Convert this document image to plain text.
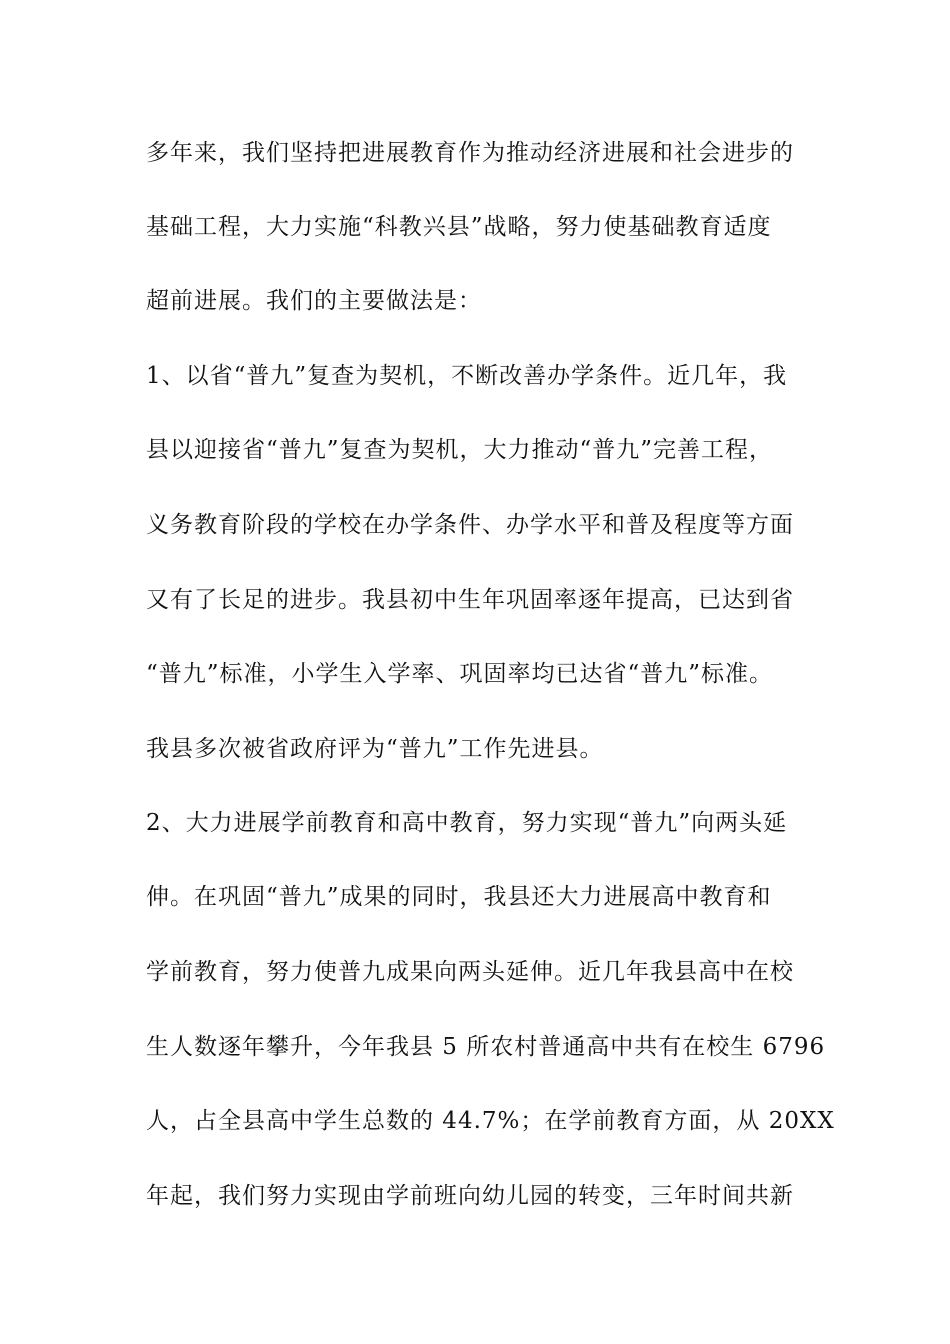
多年来，我们坚持把进展教育作为推动经济进展和社会进步的
基础工程，大力实施“科教兴县”战略，努力使基础教育适度
超前进展。我们的主要做法是：
1、以省“普九”复查为契机，不断改善办学条件。近几年，我
县以迎接省“普九”复查为契机，大力推动“普九”完善工程，
义务教育阶段的学校在办学条件、办学水平和普及程度等方面
又有了长足的进步。我县初中生年巩固率逐年提高，已达到省
“普九”标准，小学生入学率、巩固率均已达省“普九”标准。
我县多次被省政府评为“普九”工作先进县。
2、大力进展学前教育和高中教育，努力实现“普九”向两头延
伸。在巩固“普九”成果的同时，我县还大力进展高中教育和
学前教育，努力使普九成果向两头延伸。近几年我县高中在校
生人数逐年攀升，今年我县 5 所农村普通高中共有在校生 6796
人，占全县高中学生总数的 44.7%；在学前教育方面，从 20XX
年起，我们努力实现由学前班向幼儿园的转变，三年时间共新
